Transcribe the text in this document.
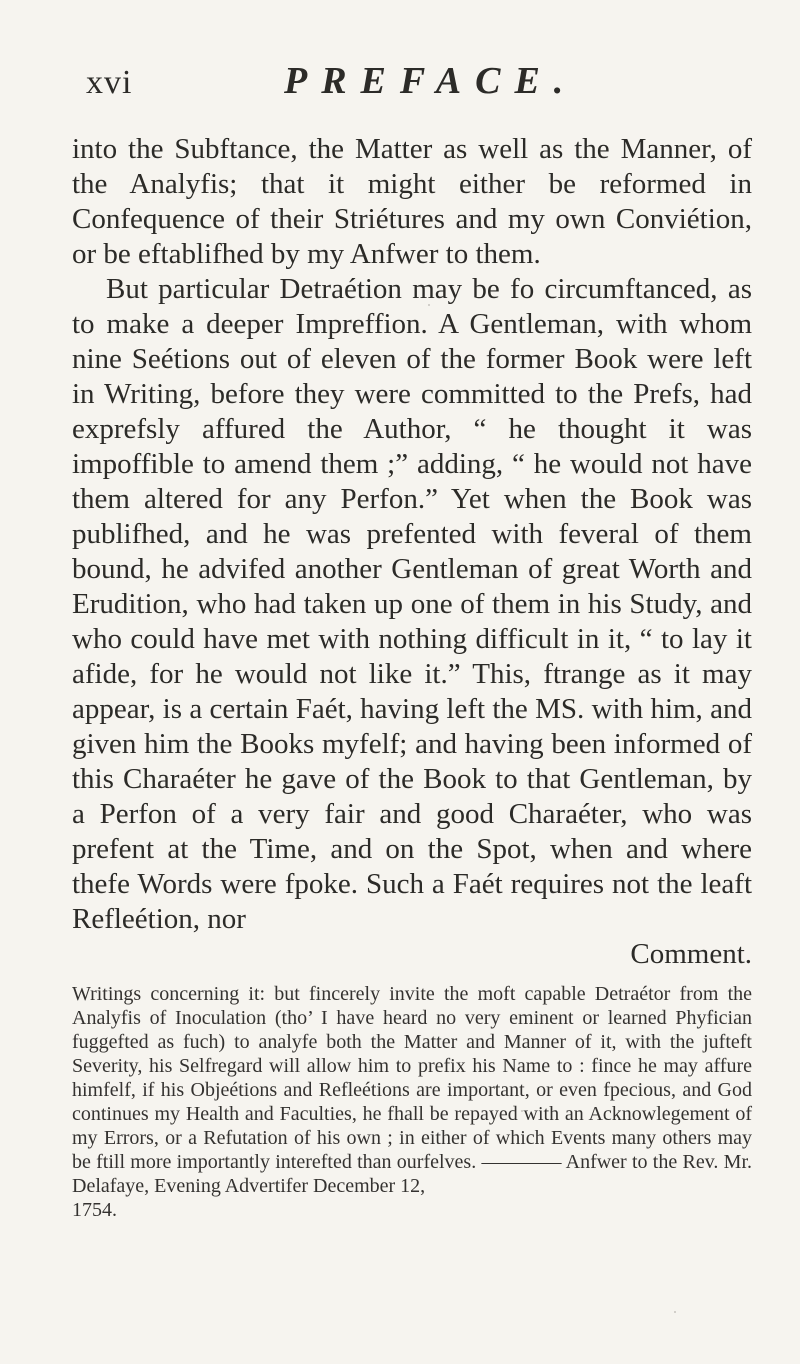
xvi	PREFACE.

into the Subftance, the Matter as well as the Manner, of the Analyfis; that it might either be reformed in Confequence of their Striétures and my own Conviétion, or be eftablifhed by my Anfwer to them.

But particular Detraétion may be fo circumftanced, as to make a deeper Impreffion. A Gentleman, with whom nine Seétions out of eleven of the former Book were left in Writing, before they were committed to the Prefs, had exprefsly affured the Author, “ he thought it was impoffible to amend them ;” adding, “ he would not have them altered for any Perfon.” Yet when the Book was publifhed, and he was prefented with feveral of them bound, he advifed another Gentleman of great Worth and Erudition, who had taken up one of them in his Study, and who could have met with nothing difficult in it, “ to lay it afide, for he would not like it.” This, ftrange as it may appear, is a certain Faét, having left the MS. with him, and given him the Books myfelf; and having been informed of this Charaéter he gave of the Book to that Gentleman, by a Perfon of a very fair and good Charaéter, who was prefent at the Time, and on the Spot, when and where thefe Words were fpoke. Such a Faét requires not the leaft Refleétion, nor

Comment.
Writings concerning it: but fincerely invite the moft capable Detraétor from the Analyfis of Inoculation (tho’ I have heard no very eminent or learned Phyfician fuggefted as fuch) to analyfe both the Matter and Manner of it, with the jufteft Severity, his Selfregard will allow him to prefix his Name to : fince he may affure himfelf, if his Objeétions and Refleétions are important, or even fpecious, and God continues my Health and Faculties, he fhall be repayed with an Acknowlegement of my Errors, or a Refutation of his own ; in either of which Events many others may be ftill more importantly interefted than ourfelves. ———— Anfwer to the Rev. Mr. Delafaye, Evening Advertifer December 12,
1754.
